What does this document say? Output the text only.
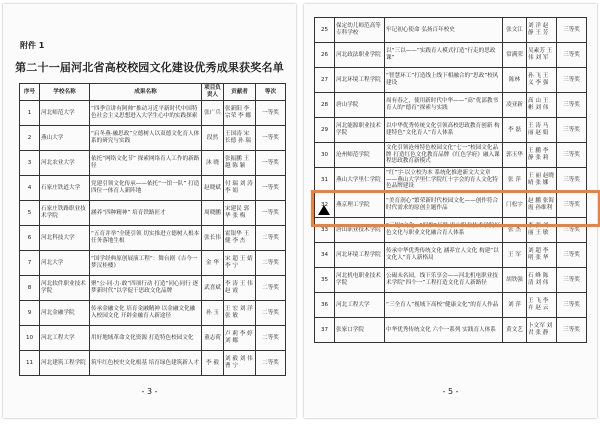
附件 1
第二十一届河北省高校校园文化建设优秀成果获奖名单
序号	学校名称	成果名称	项目负责人	贡献者	等次
1	河北师范大学	“四季宣讲有阿帅”推动习近平新时代中国特色社会主义思想进入大学生心中的实践探索	张广兵	张新阳 李宗荣 李 娜	一等奖
2	燕山大学	“启冬燕·融思政”立德树人以双德文化育人体系的研究与实践	段然	王国涛 宋长德 孙 瑞	一等奖
3	河北农业大学	依托“网络文化节” 探索网络育人工作的新路径	沐 晓	张振鹏 王 越 陈 颖	一等奖
4	石家庄铁道大学	党建引领文化传承——依托“一馆一队” 打造四位一体育人新阵地	赵晓斌	付 瑞 刘 涛 李 娟	一等奖
5	石家庄铁路职业技术学院	涵养“四种精神” 培育铁路匠才	周晓鹏	宋建民 郭 华 张 梅	一等奖
6	河北科技大学	“五育并举”全链引领 切实推进立德树人根本任务落地生根	张长伟	霍银华 王 健 李 杰	二等奖
7	河北大学	“国学经典原创展演工程”：舞台剧《吉今一梦汉桂楼》	金 华	宋 超 王 婧 李 宁	二等奖
8	河北软件职业技术学院	聚“公·同·力·敢”四项行动 打造“同心同行 逐梦新时代”以学促干思政文化品牌	武喜斌	李 涛 王 伟 赵 霞	二等奖
9	河北金融学院	传承金融文化 培育金融精神 以金融文化融入校园文化 开辟金融育人新途径	孙 玉	王 宏 刘 洋 张 敏	二等奖
10	河北工程大学	用好地域革命文化资源 打造特色校园文化	董志荷	卢 莉 李 婷 刘 娜	二等奖
11	河北建筑工程学院	筑牢红色校史文化根基 培育绿色建筑新人才	李 毅	刘 毅 刘 伟 曹 宁	二等奖
- 3 -
25	保定幼儿师范高等专科学校	牢记初心使命 弘扬百年校史	张文江	刘 洋 赵 静 王 芳	三等奖
26	河北政法职业学院	以“三以——”实践育人模式打造“行走的思政课”	常满荣	吴素芳 王 伟 刘 军	三等奖
27	河北环境工程学院	“智慧环工”打造线上线下相融合的“思政”校风建设	陈林	孙 飞 王 义 李 强	三等奖
28	唐山学院	周有春之，使用新时代中华——“高”优部教书育人的“德育”探索与实践	凌亚新	高 山 王 彬 刘 伟	三等奖
29	河北能源职业技术学院	以中华优秀传统文化引领高校思政教育创新 构建特色“文化育人”育人体系	李 磊	王 涛 马 丽 赵 娟	三等奖
30	沧州师范学院	文化引领沧州特色校园文化“七一”校园文化品牌 打造红色文化教育品牌《红色学府》融入课程思政教育新模式	郭玉华	王 鹏 李 静 张 莉	三等奖
31	燕山大学里仁学院	“红”字·以立校为本 系统化推进新文大文章——燕山大学里仁学院红十字会的育人文化特色品牌建设	张 萍	王 丽 赵晓晴 张 娜	三等奖
32	燕京理工学院	“美育润心”繁荣新时代校园文化——创作符合时代需求的原创主题作品	门松宇	赵 鹏 张海霞 孙维利	三等奖
33	唐山职业技术学院	“三堤”文化、“四维”互联 唐山职业技术学院红色文化与职业文化融合育人体系	张 杰	李 强 刘 丽 王 敏	三等奖
34	河北环境工程学院	传承中华优秀传统文化 涵养宜人文化 构建“以文化人”育人新格局	王 军	刘 超 李 明 张 华	三等奖
35	河北机电职业技术学院	公碣未名园，线下乐享会——河北机电职业技术学院“四个一”工程打造文化育人新路径	胡铁强	石 峰 陈 清 刘 伟	三等奖
36	河北工程大学	“三全育人”视域下高校“健康文化”的育人作品	刘 萍	王 飞 李 卉 赵 云	三等奖
37	张家口学院	中华优秀传统文化 六个一系列 实践育人体系	黄文艺	卜文军 刘 君 张 静	三等奖
- 5 -
